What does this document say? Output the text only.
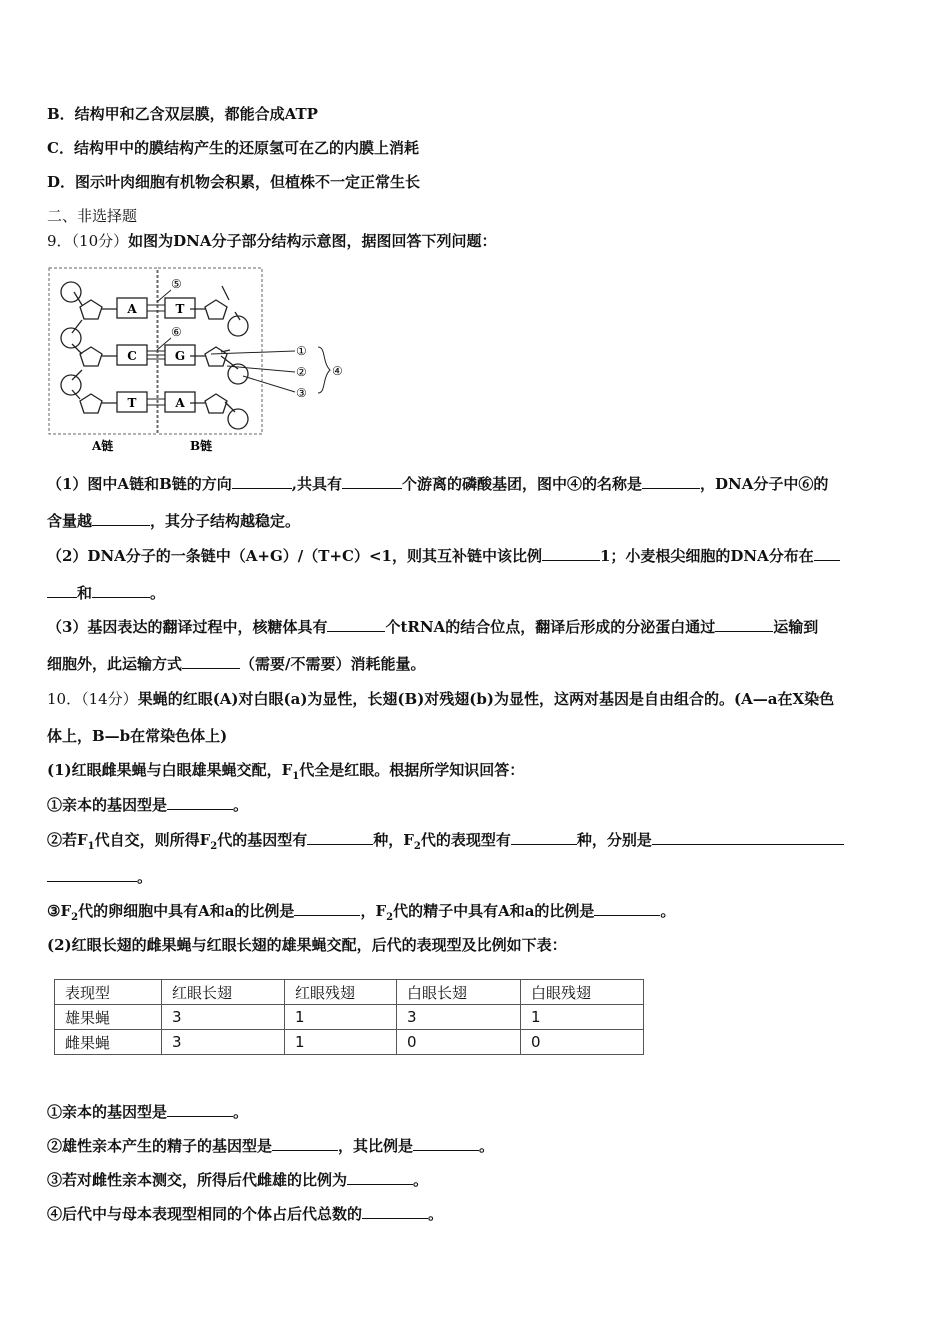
B．结构甲和乙含双层膜，都能合成ATP
C．结构甲中的膜结构产生的还原氢可在乙的内膜上消耗
D．图示叶肉细胞有机物会积累，但植株不一定正常生长
二、非选择题
9．（10分）如图为DNA分子部分结构示意图，据图回答下列问题：
A
C
T
T
G
A
⑤
⑥
①
②
③
④
A链	B链
（1）图中A链和B链的方向	,共具有	个游离的磷酸基团，图中④的名称是	，DNA分子中⑥的
含量越	，其分子结构越稳定。
（2）DNA分子的一条链中（A+G）/（T+C）<1，则其互补链中该比例	1；小麦根尖细胞的DNA分布在
和	。
（3）基因表达的翻译过程中，核糖体具有	个tRNA的结合位点，翻译后形成的分泌蛋白通过	运输到
细胞外，此运输方式	（需要/不需要）消耗能量。
10．（14分）果蝇的红眼(A)对白眼(a)为显性，长翅(B)对残翅(b)为显性，这两对基因是自由组合的。(A—a在X染色
体上，B—b在常染色体上)
(1)红眼雌果蝇与白眼雄果蝇交配，$F_1$代全是红眼。根据所学知识回答：
①亲本的基因型是	。
②若$F_1$代自交，则所得$F_2$代的基因型有	种，$F_2$代的表现型有	种，分别是
。
$③F_2$代的卵细胞中具有A和a的比例是	，$F_2$代的精子中具有A和a的比例是	。
(2)红眼长翅的雌果蝇与红眼长翅的雄果蝇交配，后代的表现型及比例如下表：
表现型	红眼长翅	红眼残翅	白眼长翅	白眼残翅
雄果蝇	3	1	3	1
雌果蝇	3	1	0	0
①亲本的基因型是	。
②雄性亲本产生的精子的基因型是	，其比例是	。
③若对雌性亲本测交，所得后代雌雄的比例为	。
④后代中与母本表现型相同的个体占后代总数的	。
